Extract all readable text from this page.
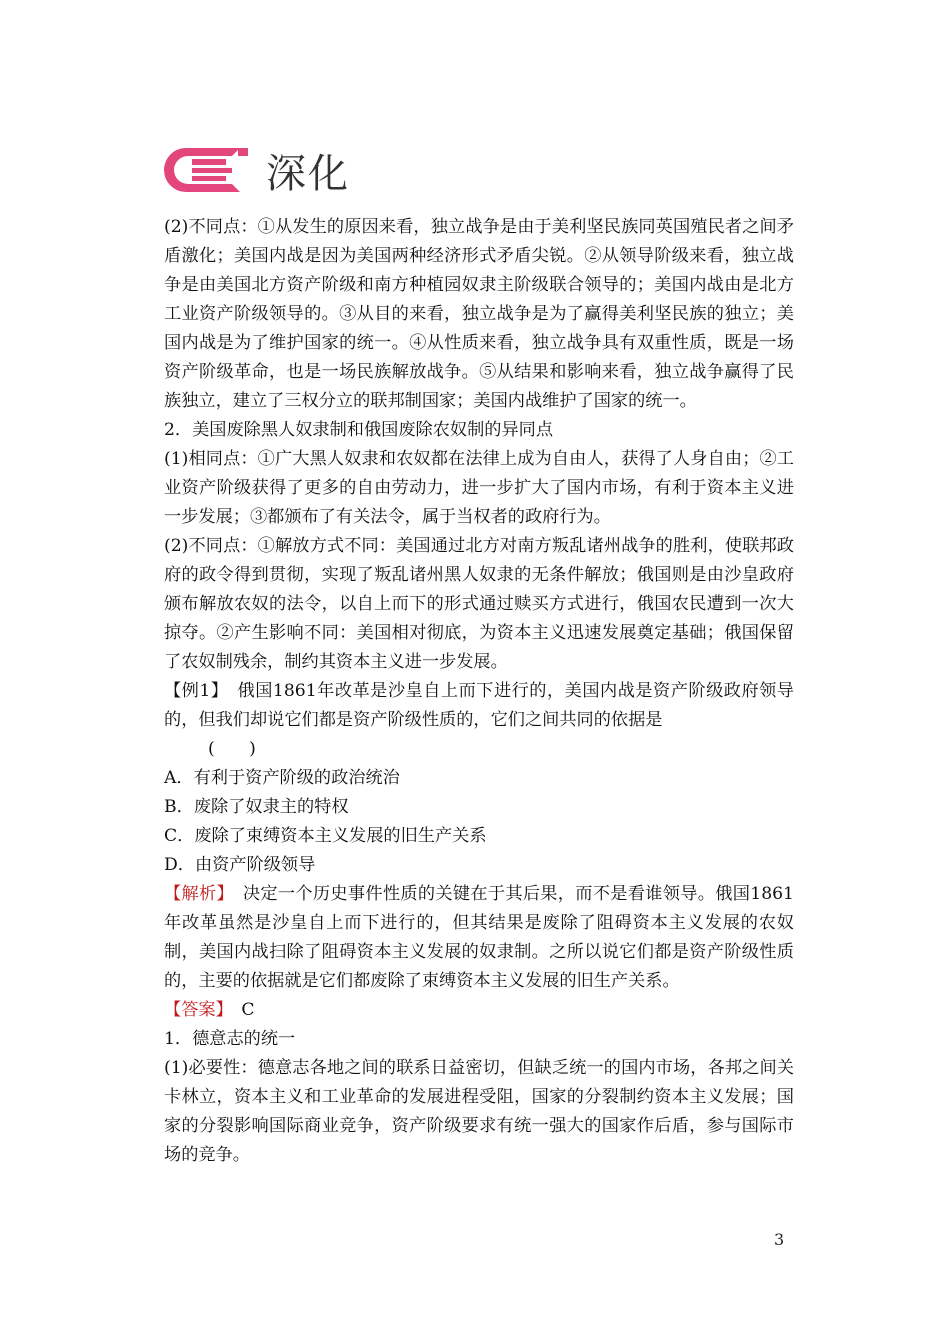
深化

(2)不同点：①从发生的原因来看，独立战争是由于美利坚民族同英国殖民者之间矛盾激化；美国内战是因为美国两种经济形式矛盾尖锐。②从领导阶级来看，独立战争是由美国北方资产阶级和南方种植园奴隶主阶级联合领导的；美国内战由是北方工业资产阶级领导的。③从目的来看，独立战争是为了赢得美利坚民族的独立；美国内战是为了维护国家的统一。④从性质来看，独立战争具有双重性质，既是一场资产阶级革命，也是一场民族解放战争。⑤从结果和影响来看，独立战争赢得了民族独立，建立了三权分立的联邦制国家；美国内战维护了国家的统一。

2．美国废除黑人奴隶制和俄国废除农奴制的异同点

(1)相同点：①广大黑人奴隶和农奴都在法律上成为自由人，获得了人身自由；②工业资产阶级获得了更多的自由劳动力，进一步扩大了国内市场，有利于资本主义进一步发展；③都颁布了有关法令，属于当权者的政府行为。

(2)不同点：①解放方式不同：美国通过北方对南方叛乱诸州战争的胜利，使联邦政府的政令得到贯彻，实现了叛乱诸州黑人奴隶的无条件解放；俄国则是由沙皇政府颁布解放农奴的法令，以自上而下的形式通过赎买方式进行，俄国农民遭到一次大掠夺。②产生影响不同：美国相对彻底，为资本主义迅速发展奠定基础；俄国保留了农奴制残余，制约其资本主义进一步发展。

【例1】　俄国1861年改革是沙皇自上而下进行的，美国内战是资产阶级政府领导的，但我们却说它们都是资产阶级性质的，它们之间共同的依据是

(　　)

A．有利于资产阶级的政治统治

B．废除了奴隶主的特权

C．废除了束缚资本主义发展的旧生产关系

D．由资产阶级领导

【解析】　决定一个历史事件性质的关键在于其后果，而不是看谁领导。俄国1861年改革虽然是沙皇自上而下进行的，但其结果是废除了阻碍资本主义发展的农奴制，美国内战扫除了阻碍资本主义发展的奴隶制。之所以说它们都是资产阶级性质的，主要的依据就是它们都废除了束缚资本主义发展的旧生产关系。

【答案】　C

1．德意志的统一

(1)必要性：德意志各地之间的联系日益密切，但缺乏统一的国内市场，各邦之间关卡林立，资本主义和工业革命的发展进程受阻，国家的分裂制约资本主义发展；国家的分裂影响国际商业竞争，资产阶级要求有统一强大的国家作后盾，参与国际市场的竞争。

3
